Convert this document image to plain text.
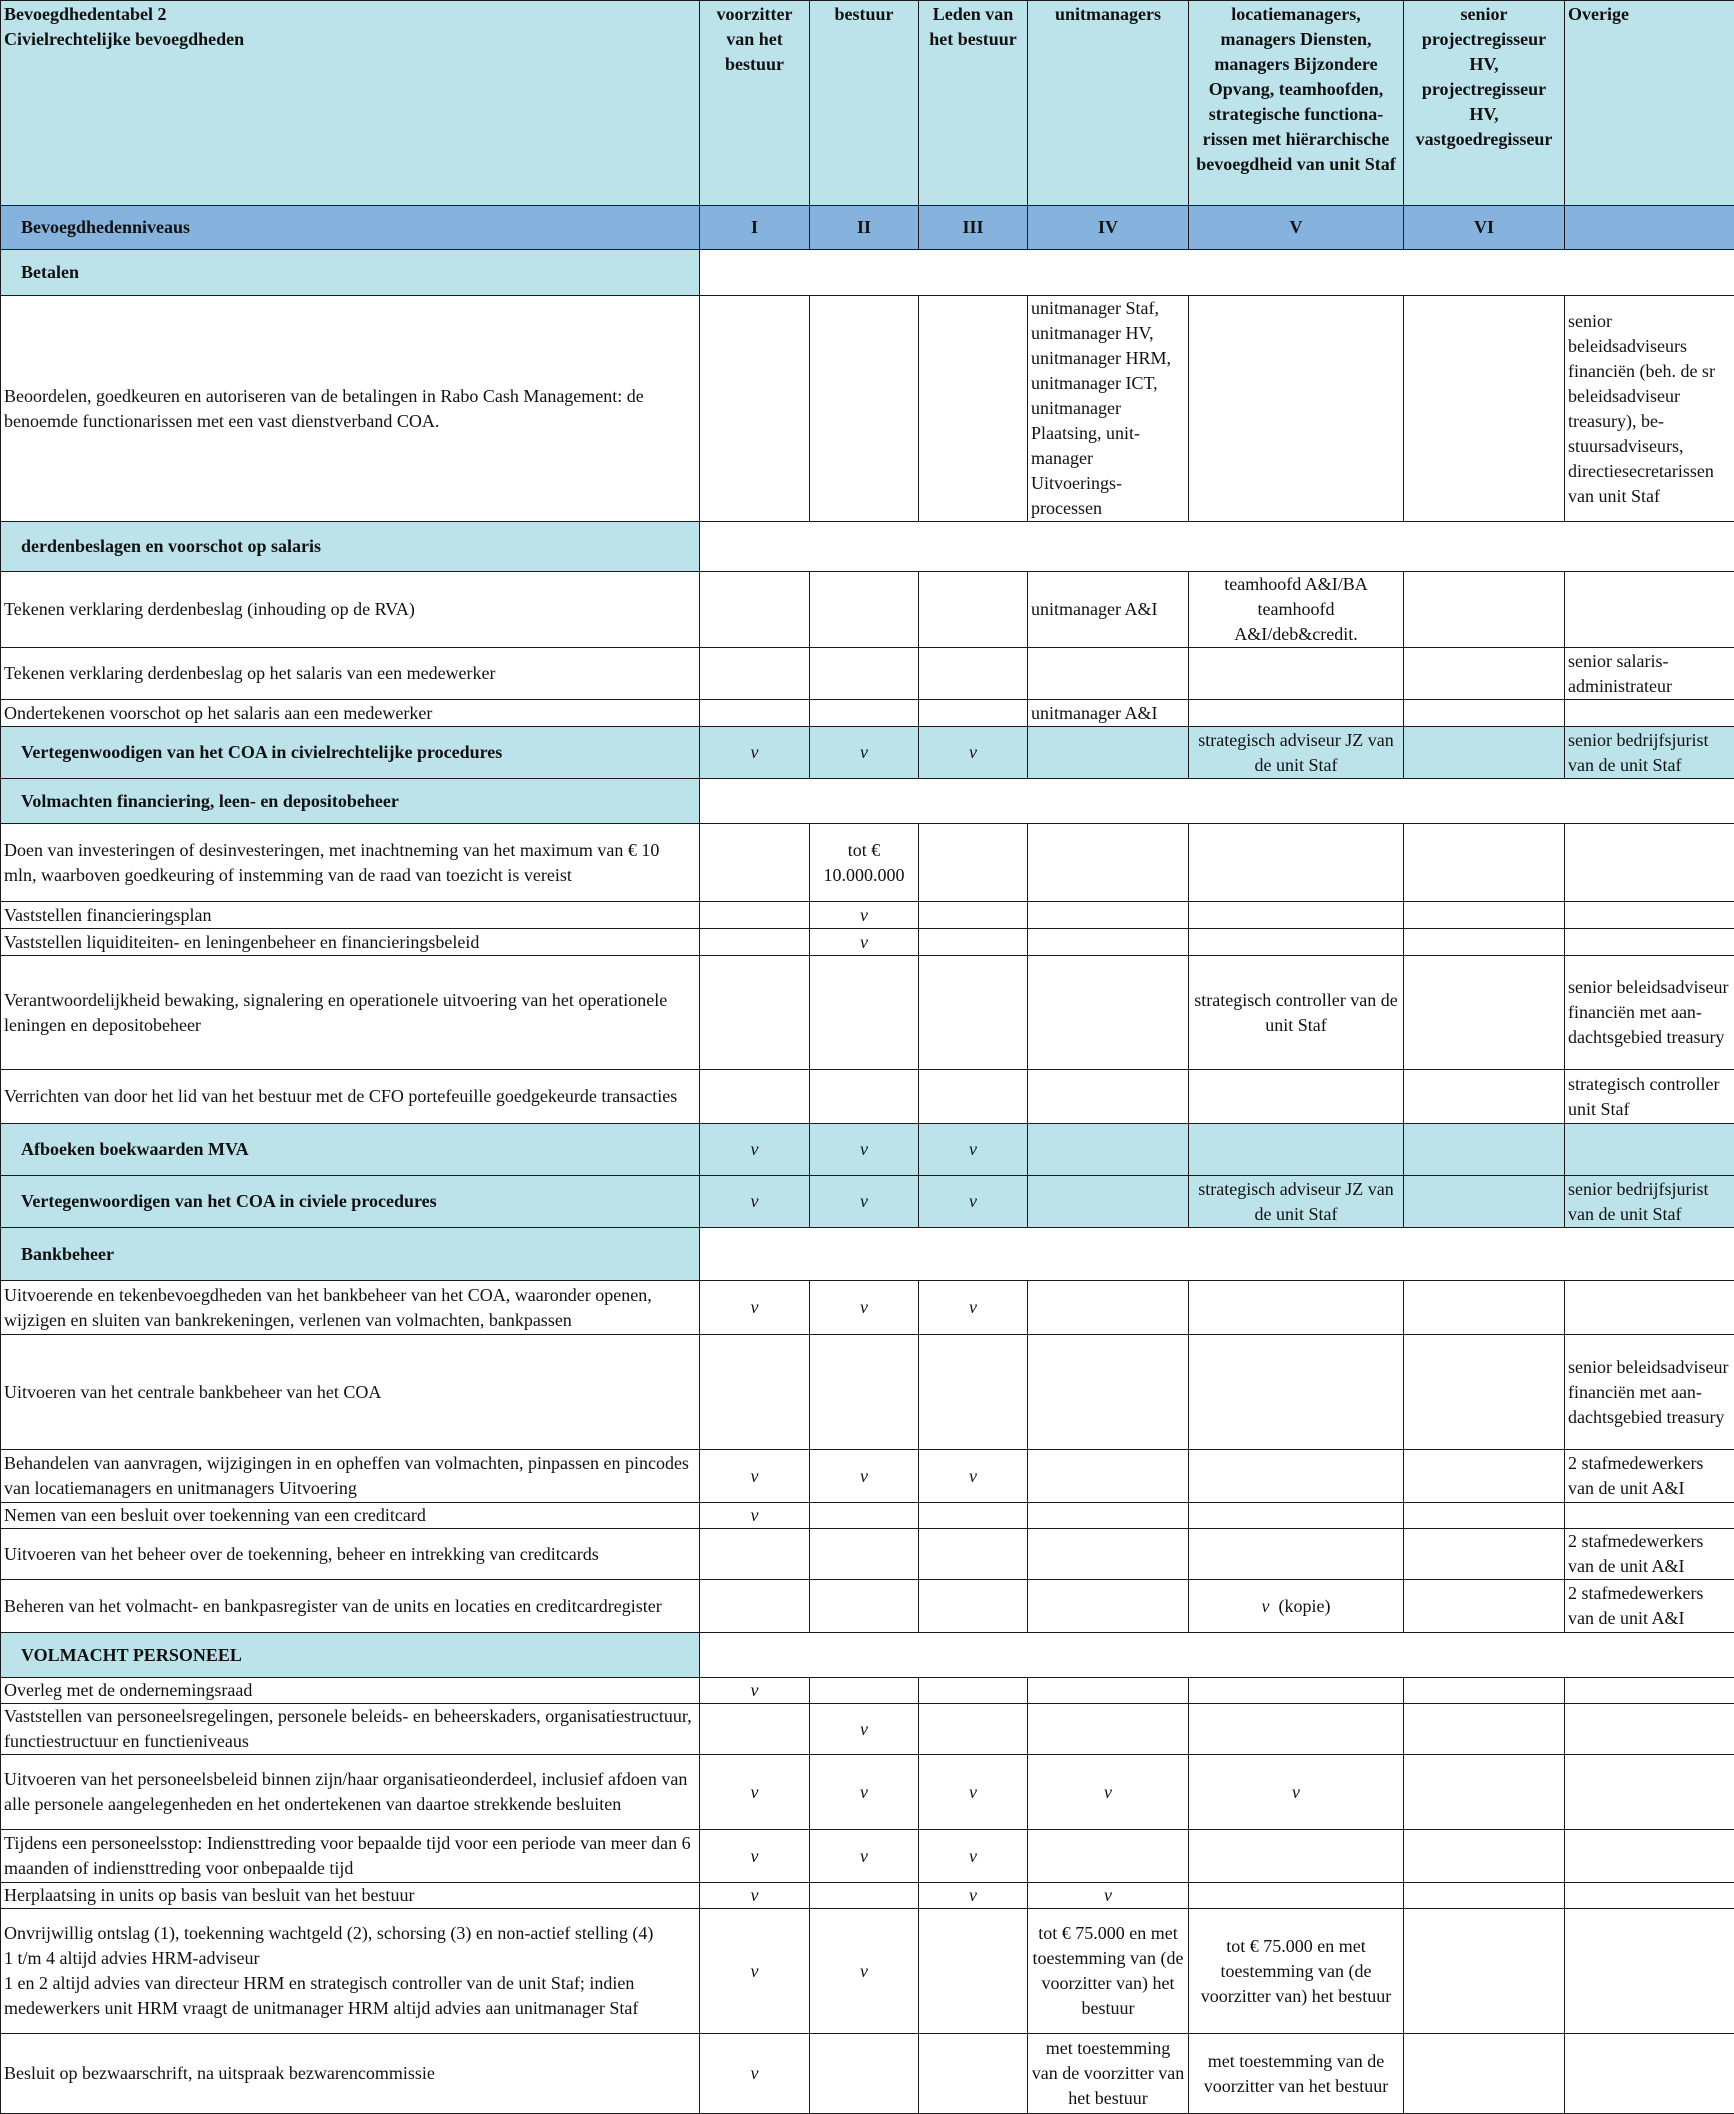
Bevoegdhedentabel 2
Civielrechtelijke bevoegdheden	voorzitter van het bestuur	bestuur	Leden van het bestuur	unitmanagers	locatiemanagers, managers Diensten, managers Bijzondere Opvang, teamhoofden, strategische functiona-rissen met hiërarchische bevoegdheid van unit Staf	senior projectregisseur HV, projectregisseur HV, vastgoedregisseur	Overige
Bevoegdhedenniveaus	I	II	III	IV	V	VI	
Betalen							
Beoordelen, goedkeuren en autoriseren van de betalingen in Rabo Cash Management: de benoemde functionarissen met een vast dienstverband COA.				unitmanager Staf, unitmanager HV, unitmanager HRM, unitmanager ICT, unitmanager Plaatsing, unit-manager Uitvoerings-processen			senior beleidsadviseurs financiën (beh. de sr beleidsadviseur treasury), be-stuursadviseurs, directiesecretarissen van unit Staf
derdenbeslagen en voorschot op salaris							
Tekenen verklaring derdenbeslag (inhouding op de RVA)				unitmanager A&I	teamhoofd A&I/BA teamhoofd A&I/deb&credit.		
Tekenen verklaring derdenbeslag op het salaris van een medewerker							senior salaris-administrateur
Ondertekenen voorschot op het salaris aan een medewerker				unitmanager A&I			
Vertegenwoodigen van het COA in civielrechtelijke procedures	v	v	v		strategisch adviseur JZ van de unit Staf		senior bedrijfsjurist van de unit Staf
Volmachten financiering, leen- en depositobeheer							
Doen van investeringen of desinvesteringen, met inachtneming van het maximum van € 10 mln, waarboven goedkeuring of instemming van de raad van toezicht is vereist		tot € 10.000.000					
Vaststellen financieringsplan		v					
Vaststellen liquiditeiten- en leningenbeheer en financieringsbeleid		v					
Verantwoordelijkheid bewaking, signalering en operationele uitvoering van het operationele leningen en depositobeheer					strategisch controller van de unit Staf		senior beleidsadviseur financiën met aan-dachtsgebied treasury
Verrichten van door het lid van het bestuur met de CFO portefeuille goedgekeurde transacties							strategisch controller unit Staf
Afboeken boekwaarden MVA	v	v	v				
Vertegenwoordigen van het COA in civiele procedures	v	v	v		strategisch adviseur JZ van de unit Staf		senior bedrijfsjurist van de unit Staf
Bankbeheer							
Uitvoerende en tekenbevoegdheden van het bankbeheer van het COA, waaronder openen, wijzigen en sluiten van bankrekeningen, verlenen van volmachten, bankpassen	v	v	v				
Uitvoeren van het centrale bankbeheer van het COA							senior beleidsadviseur financiën met aan-dachtsgebied treasury
Behandelen van aanvragen, wijzigingen in en opheffen van volmachten, pinpassen en pincodes van locatiemanagers en unitmanagers Uitvoering	v	v	v				2 stafmedewerkers van de unit A&I
Nemen van een besluit over toekenning van een creditcard	v						
Uitvoeren van het beheer over de toekenning, beheer en intrekking van creditcards							2 stafmedewerkers van de unit A&I
Beheren van het volmacht- en bankpasregister van de units en locaties en creditcardregister					v (kopie)		2 stafmedewerkers van de unit A&I
VOLMACHT PERSONEEL							
Overleg met de ondernemingsraad	v						
Vaststellen van personeelsregelingen, personele beleids- en beheerskaders, organisatiestructuur, functiestructuur en functieniveaus		v					
Uitvoeren van het personeelsbeleid binnen zijn/haar organisatieonderdeel, inclusief afdoen van alle personele aangelegenheden en het ondertekenen van daartoe strekkende besluiten	v	v	v	v	v		
Tijdens een personeelsstop: Indiensttreding voor bepaalde tijd voor een periode van meer dan 6 maanden of indiensttreding voor onbepaalde tijd	v	v	v				
Herplaatsing in units op basis van besluit van het bestuur	v		v	v			

Onvrijwillig ontslag (1), toekenning wachtgeld (2), schorsing (3) en non-actief stelling (4)
1 t/m 4 altijd advies HRM-adviseur
1 en 2 altijd advies van directeur HRM en strategisch controller van de unit Staf; indien medewerkers unit HRM vraagt de unitmanager HRM altijd advies aan unitmanager Staf	v	v		tot € 75.000 en met toestemming van (de voorzitter van) het bestuur	tot € 75.000 en met toestemming van (de voorzitter van) het bestuur		
Besluit op bezwaarschrift, na uitspraak bezwarencommissie	v			met toestemming van de voorzitter van het bestuur	met toestemming van de voorzitter van het bestuur		
